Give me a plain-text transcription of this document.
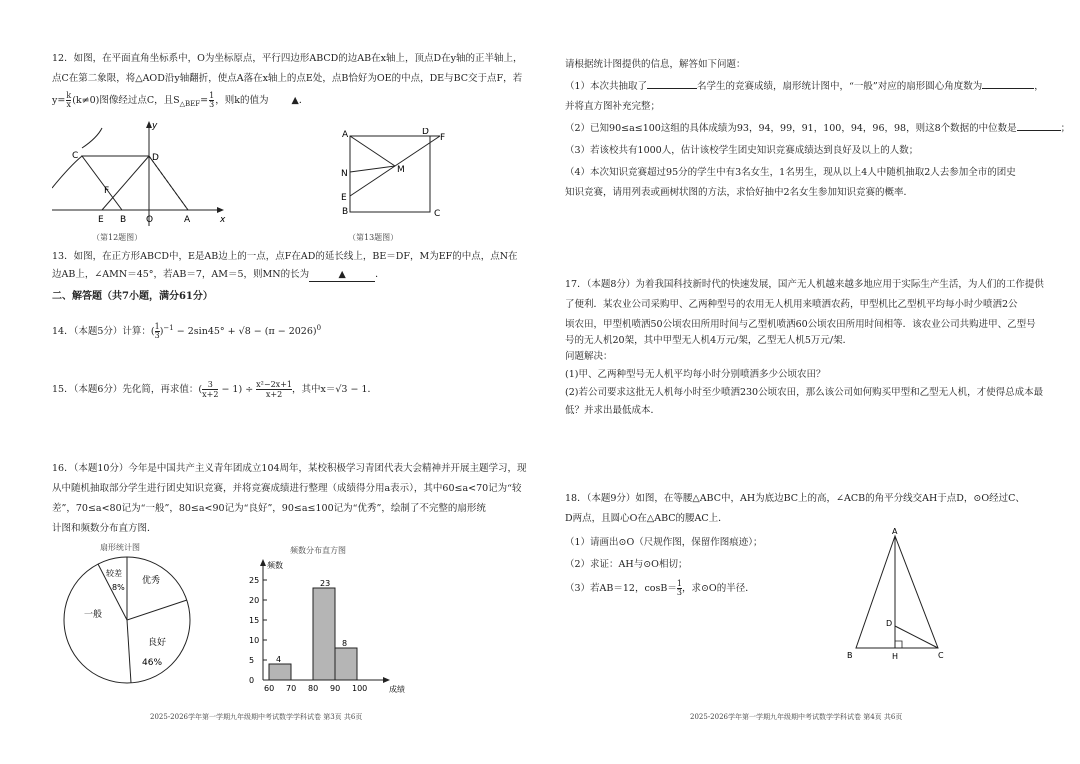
12．如图，在平面直角坐标系中，O为坐标原点，平行四边形ABCD的边AB在x轴上，顶点D在y轴的正半轴上，
点C在第二象限，将△AOD沿y轴翻折，使点A落在x轴上的点E处，点B恰好为OE的中点，DE与BC交于点F，若
$y= \frac{k}{x} (k\ne 0)$图像经过点C，且$S_{\triangle BEF}= \frac{1}{3}$ ，则k的值为 ▲．
y
x
C	D
F
E B O	A
（第12题图）
A	D
F
N	M
E
B	C
（第13题图）
13．如图，在正方形ABCD中，E是AB边上的一点，点F在AD的延长线上，BE＝DF，M为EF的中点，点N在
边AB上，∠AMN＝45°，若AB＝7，AM＝5，则MN的长为	▲	．
二、解答题（共7小题，满分61分）
14．（本题5分）计算：( $\frac{1}{3} )^{-1} - 2\sin 45^\circ + √8 - (\pi - 2026)^0$
15．（本题6分）先化简，再求值：( $\frac{3}{x+2} - 1) \div \frac{\text{x²−2x+1}}{x+2}$ ，其中x＝√3 − 1．
16．（本题10分）今年是中国共产主义青年团成立104周年，某校积极学习青团代表大会精神并开展主题学习，现
从中随机抽取部分学生进行团史知识竞赛，并将竞赛成绩进行整理（成绩得分用a表示），其中60≤a<70记为“较
差”，70≤a<80记为“一般”，80≤a<90记为“良好”，90≤a≤100记为“优秀”，绘制了不完整的扇形统
计图和频数分布直方图．
扇形统计图
较差
8%
优秀
良好
46%
一般
频数分布直方图
频数
成绩
4
23
8
0
5
10
15
20
25
60 70 80 90 100
2025-2026学年第一学期九年级期中考试数学学科试卷 第3页 共6页
请根据统计图提供的信息，解答如下问题：
（1）本次共抽取了	名学生的竞赛成绩，扇形统计图中，“一般”对应的扇形圆心角度数为	，
并将直方图补充完整；
（2）已知90≤a≤100这组的具体成绩为93，94，99，91，100，94，96，98，则这8个数据的中位数是	；
（3）若该校共有1000人，估计该校学生团史知识竞赛成绩达到良好及以上的人数；
（4）本次知识竞赛超过95分的学生中有3名女生，1名男生，现从以上4人中随机抽取2人去参加全市的团史
知识竞赛，请用列表或画树状图的方法，求恰好抽中2名女生参加知识竞赛的概率．
17．（本题8分）为着我国科技新时代的快速发展，国产无人机越来越多地应用于实际生产生活，为人们的工作提供
了便利．某农业公司采购甲、乙两种型号的农用无人机用来喷洒农药，甲型机比乙型机平均每小时少喷洒2公
顷农田，甲型机喷洒50公顷农田所用时间与乙型机喷洒60公顷农田所用时间相等．该农业公司共购进甲、乙型号
号的无人机20架，其中甲型无人机4万元/架，乙型无人机5万元/架．
问题解决：
(1)甲、乙两种型号无人机平均每小时分别喷洒多少公顷农田？
(2)若公司要求这批无人机每小时至少喷洒230公顷农田，那么该公司如何购买甲型和乙型无人机，才使得总成本最
低？并求出最低成本．
18．（本题9分）如图，在等腰△ABC中，AH为底边BC上的高，∠ACB的角平分线交AH于点D，⊙O经过C、
D两点，且圆心O在△ABC的腰AC上．
（1）请画出⊙O（尺规作图，保留作图痕迹）；
（2）求证：AH与⊙O相切；
（3）若AB＝12，$\cos B= \frac{1}{3}$ ，求⊙O的半径．
A
B	C
D
H
2025-2026学年第一学期九年级期中考试数学学科试卷 第4页 共6页
